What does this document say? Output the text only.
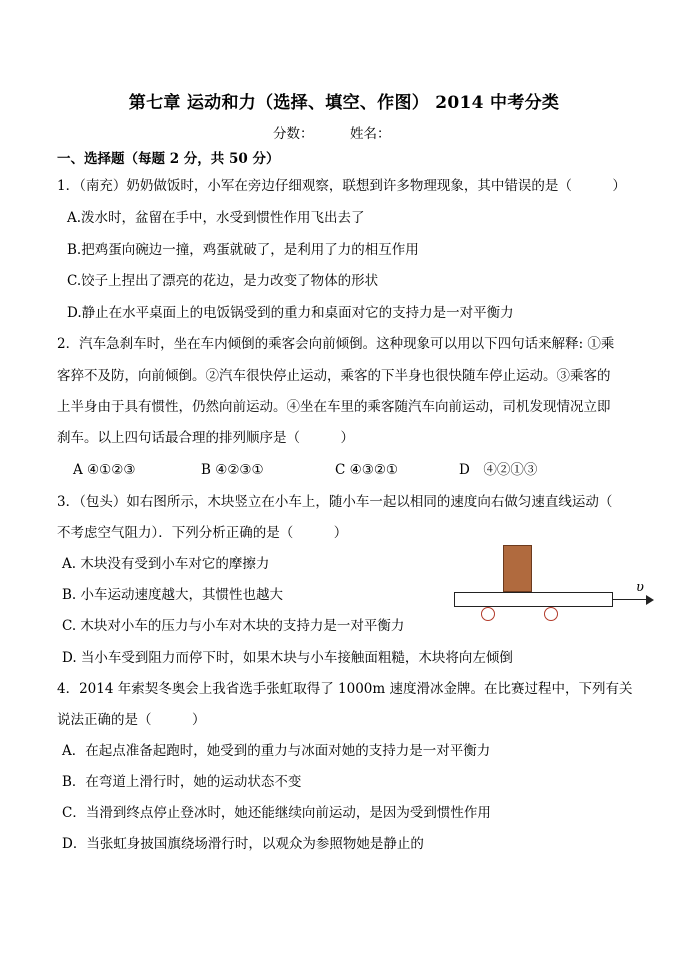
第七章 运动和力（选择、填空、作图） 2014 中考分类
分数：	姓名：
一、选择题（每题 2 分，共 50 分）
1．（南充）奶奶做饭时，小军在旁边仔细观察，联想到许多物理现象，其中错误的是（　　　）
A.泼水时，盆留在手中，水受到惯性作用飞出去了
B.把鸡蛋向碗边一撞，鸡蛋就破了，是利用了力的相互作用
C.饺子上捏出了漂亮的花边，是力改变了物体的形状
D.静止在水平桌面上的电饭锅受到的重力和桌面对它的支持力是一对平衡力
2．汽车急刹车时，坐在车内倾倒的乘客会向前倾倒。这种现象可以用以下四句话来解释: ①乘
客猝不及防，向前倾倒。②汽车很快停止运动，乘客的下半身也很快随车停止运动。③乘客的
上半身由于具有惯性，仍然向前运动。④坐在车里的乘客随汽车向前运动，司机发现情况立即
刹车。以上四句话最合理的排列顺序是（　　　）
A ④①②③	B ④②③①	C ④③②①	D　④②①③
3．（包头）如右图所示，木块竖立在小车上，随小车一起以相同的速度向右做匀速直线运动（
不考虑空气阻力）．下列分析正确的是（　　　）
A. 木块没有受到小车对它的摩擦力
B. 小车运动速度越大，其惯性也越大
C. 木块对小车的压力与小车对木块的支持力是一对平衡力
D. 当小车受到阻力而停下时，如果木块与小车接触面粗糙，木块将向左倾倒
υ
4．2014 年索契冬奥会上我省选手张虹取得了 1000m 速度滑冰金牌。在比赛过程中，下列有关
说法正确的是（　　　）
A．在起点准备起跑时，她受到的重力与冰面对她的支持力是一对平衡力
B．在弯道上滑行时，她的运动状态不变
C．当滑到终点停止登冰时，她还能继续向前运动，是因为受到惯性作用
D．当张虹身披国旗绕场滑行时，以观众为参照物她是静止的
